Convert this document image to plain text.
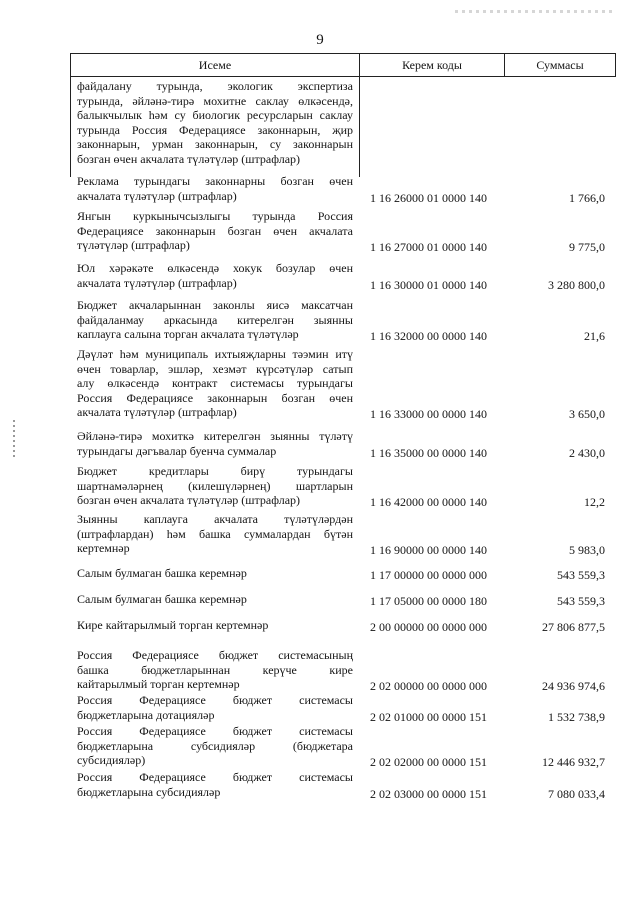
9
Исеме	Керем коды	Суммасы
файдалану турында, экологик экспертиза
турында, әйләнә-тирә мохитне саклау өлкәсендә,
балыкчылык һәм су биологик ресурсларын саклау
турында Россия Федерациясе законнарын, җир
законнарын, урман законнарын, су законнарын
бозган өчен акчалата түләтүләр (штрафлар)
Реклама турындагы законнарны бозган өчен
акчалата түләтүләр (штрафлар)	1 16 26000 01 0000 140	1 766,0
Янгын куркынычсызлыгы турында Россия
Федерациясе законнарын бозган өчен акчалата
түләтүләр (штрафлар)	1 16 27000 01 0000 140	9 775,0
Юл хәрәкәте өлкәсендә хокук бозулар өчен
акчалата түләтүләр (штрафлар)	1 16 30000 01 0000 140	3 280 800,0
Бюджет акчаларыннан законлы яисә максатчан
файдаланмау аркасында китерелгән зыянны
каплауга салына торган акчалата түләтүләр	1 16 32000 00 0000 140	21,6
Дәүләт һәм муниципаль ихтыяҗларны тәэмин итү
өчен товарлар, эшләр, хезмәт күрсәтүләр сатып
алу өлкәсендә контракт системасы турындагы
Россия Федерациясе законнарын бозган өчен
акчалата түләтүләр (штрафлар)	1 16 33000 00 0000 140	3 650,0
Әйләнә-тирә мохиткә китерелгән зыянны түләтү
турындагы дәгъвалар буенча суммалар	1 16 35000 00 0000 140	2 430,0
Бюджет кредитлары бирү турындагы
шартнамәләрнең (килешүләрнең) шартларын
бозган өчен акчалата түләтүләр (штрафлар)	1 16 42000 00 0000 140	12,2
Зыянны каплауга акчалата түләтүләрдән
(штрафлардан) һәм башка суммалардан бүтән
кертемнәр	1 16 90000 00 0000 140	5 983,0
Салым булмаган башка керемнәр	1 17 00000 00 0000 000	543 559,3
Салым булмаган башка керемнәр	1 17 05000 00 0000 180	543 559,3
Кире кайтарылмый торган кертемнәр	2 00 00000 00 0000 000	27 806 877,5
Россия Федерациясе бюджет системасының
башка бюджетларыннан керүче кире
кайтарылмый торган кертемнәр	2 02 00000 00 0000 000	24 936 974,6
Россия Федерациясе бюджет системасы
бюджетларына дотацияләр	2 02 01000 00 0000 151	1 532 738,9
Россия Федерациясе бюджет системасы
бюджетларына субсидияләр (бюджетара
субсидияләр)	2 02 02000 00 0000 151	12 446 932,7
Россия Федерациясе бюджет системасы
бюджетларына субсидияләр	2 02 03000 00 0000 151	7 080 033,4
